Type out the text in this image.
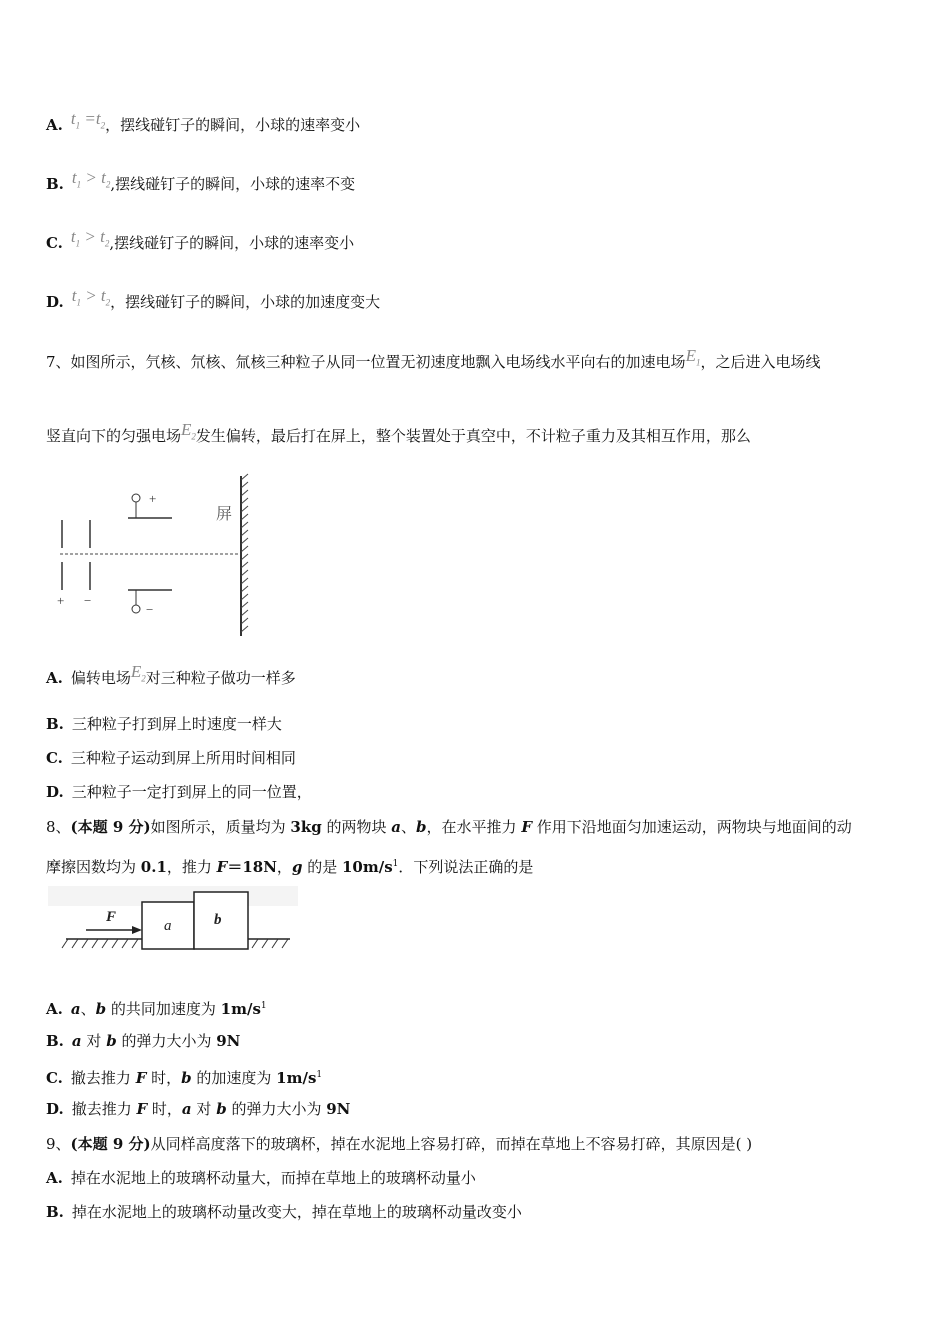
A. $t_1 =t_2$，摆线碰钉子的瞬间，小球的速率变小
B. $t_1 > t_2$,摆线碰钉子的瞬间，小球的速率不变
C. $t_1 > t_2$,摆线碰钉子的瞬间，小球的速率变小
D. $t_1 > t_2$，摆线碰钉子的瞬间，小球的加速度变大
7、如图所示，氕核、氘核、氚核三种粒子从同一位置无初速度地飘入电场线水平向右的加速电场$E_1$，之后进入电场线
竖直向下的匀强电场$E_2$发生偏转，最后打在屏上，整个装置处于真空中，不计粒子重力及其相互作用，那么
+ −
+
−
屏
A. 偏转电场$E_2$对三种粒子做功一样多
B. 三种粒子打到屏上时速度一样大
C. 三种粒子运动到屏上所用时间相同
D. 三种粒子一定打到屏上的同一位置，
8、(本题 9 分)如图所示，质量均为 3kg 的两物块 a、b，在水平推力 F 作用下沿地面匀加速运动，两物块与地面间的动
摩擦因数均为 0.1，推力 F＝18N，g 的是 $10m/s^1$．下列说法正确的是
a	b
F
A. a、b 的共同加速度为 $1m/s^1$
B. a 对 b 的弹力大小为 9N
C. 撤去推力 F 时，b 的加速度为 $1m/s^1$
D. 撤去推力 F 时，a 对 b 的弹力大小为 9N
9、(本题 9 分)从同样高度落下的玻璃杯，掉在水泥地上容易打碎，而掉在草地上不容易打碎，其原因是( )
A. 掉在水泥地上的玻璃杯动量大，而掉在草地上的玻璃杯动量小
B. 掉在水泥地上的玻璃杯动量改变大，掉在草地上的玻璃杯动量改变小
